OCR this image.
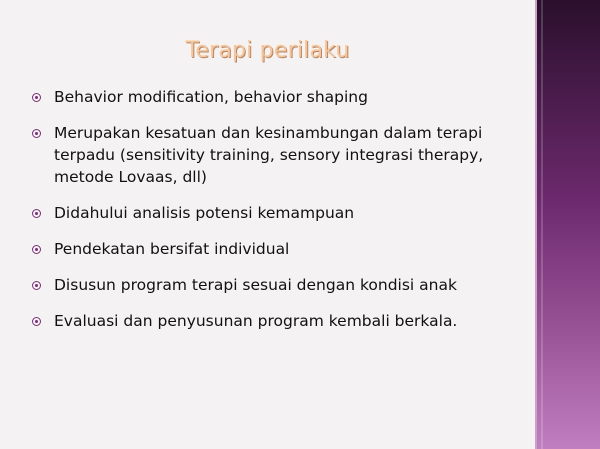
Terapi perilaku
Behavior modification, behavior shaping
Merupakan kesatuan dan kesinambungan dalam terapi terpadu (sensitivity training, sensory integrasi therapy, metode Lovaas, dll)
Didahului analisis potensi kemampuan
Pendekatan bersifat individual
Disusun program terapi sesuai dengan kondisi anak
Evaluasi dan penyusunan program kembali berkala.
